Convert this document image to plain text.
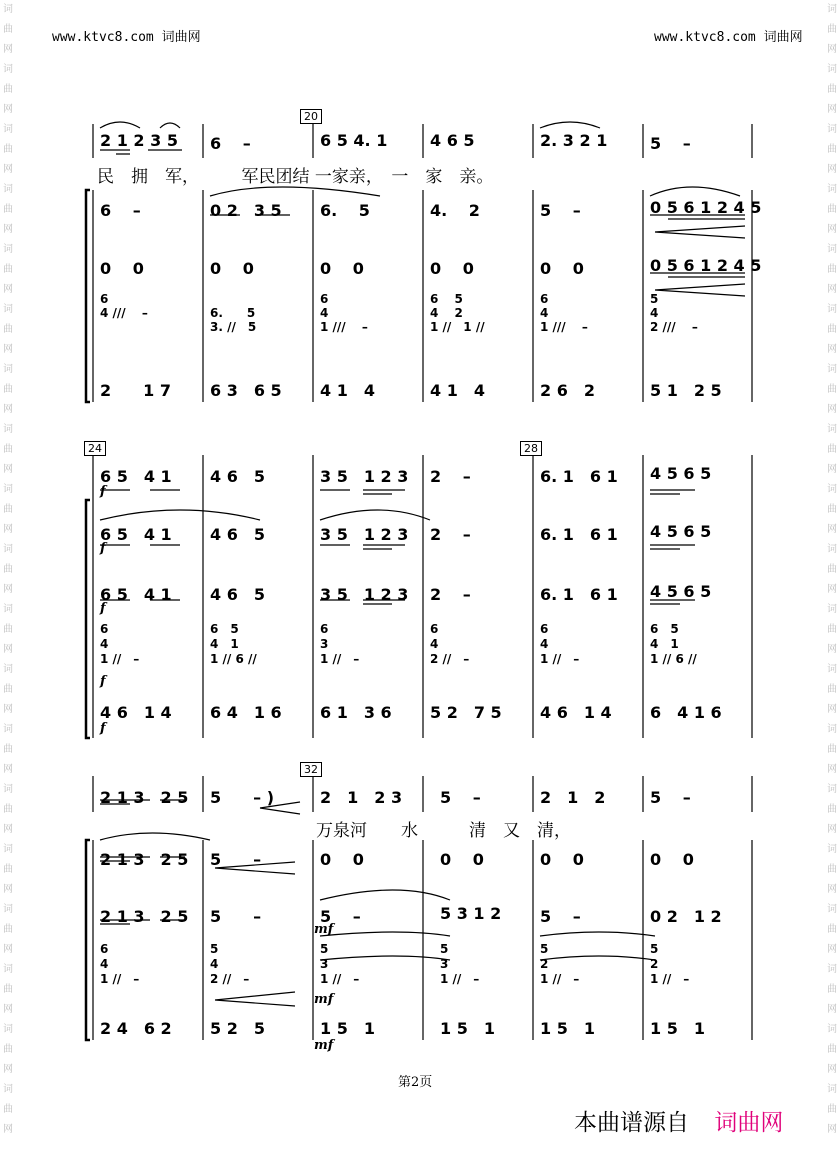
www.ktvc8.com 词曲网	www.ktvc8.com 词曲网
词曲网词曲网词曲网词曲网词曲网词曲网词曲网词曲网词曲网词曲网词曲网词曲网词曲网词曲网词曲网词曲网词曲网词曲网词曲网
词曲网词曲网词曲网词曲网词曲网词曲网词曲网词曲网词曲网词曲网词曲网词曲网词曲网词曲网词曲网词曲网词曲网词曲网词曲网
20
24	28
32
2 1 2 3 5 6　 –	6 5 4. 1	4 6 5	2. 3 2 1	5　 –
民　拥　军，　　　军民团结 一家亲，　一　家　亲。
6　 –	0 2　3 5 6.　 5	4.　 2	5　 –	0 5 6 1 2 4 5
0　 0	0　 0	0　 0	0　 0	0　 0	0 5 6 1 2 4 5
6
4 ///　 –	6.　　5
3. //　5
6
4
1 ///　 –
6　 5
4　 2
1 //　1 //
6
4
1 ///　 –
5
4
2 ///　 –
2　　1 7 6 3　6 5 4 1　4	4 1　4	2 6　2	5 1　2 5
6 5　4 1 4 6　5	3 5　1 2 3 2　 –	6. 1　6 1 4 5 6 5
f
6 5　4 1 4 6　5	3 5　1 2 3 2　 –	6. 1　6 1 4 5 6 5
f
6 5　4 1 4 6　5	3 5　1 2 3 2　 –	6. 1　6 1 4 5 6 5
f
6
4
1 //　–
6　5
4　1
1 // 6 //
6
3
1 //　–
6
4
2 //　–
6
4
1 //　–
6　5
4　1
1 // 6 //
f
4 6　1 4 6 4　1 6 6 1　3 6 5 2　7 5 4 6　1 4 6　4 1 6
f
2 1 3　2 5 5　　– )	2　1　2 3 5　 –	2　1　2	5　 –
万泉河　　水　　　清　又　清，
2 1 3　2 5 5　　–	0　 0	0　 0	0　 0	0　 0
2 1 3　2 5 5　　–	5　 –	5 3 1 2 5　 –	0 2　1 2
mf
6
4
1 //　–
5
4
2 //　–
5
3
1 //　–
5
3
1 //　–
5
2
1 //　–
5
2
1 //　–
mf
2 4　6 2 5 2　5	1 5　1	1 5　1	1 5　1	1 5　1
mf
第2页
本曲谱源自 词曲网
